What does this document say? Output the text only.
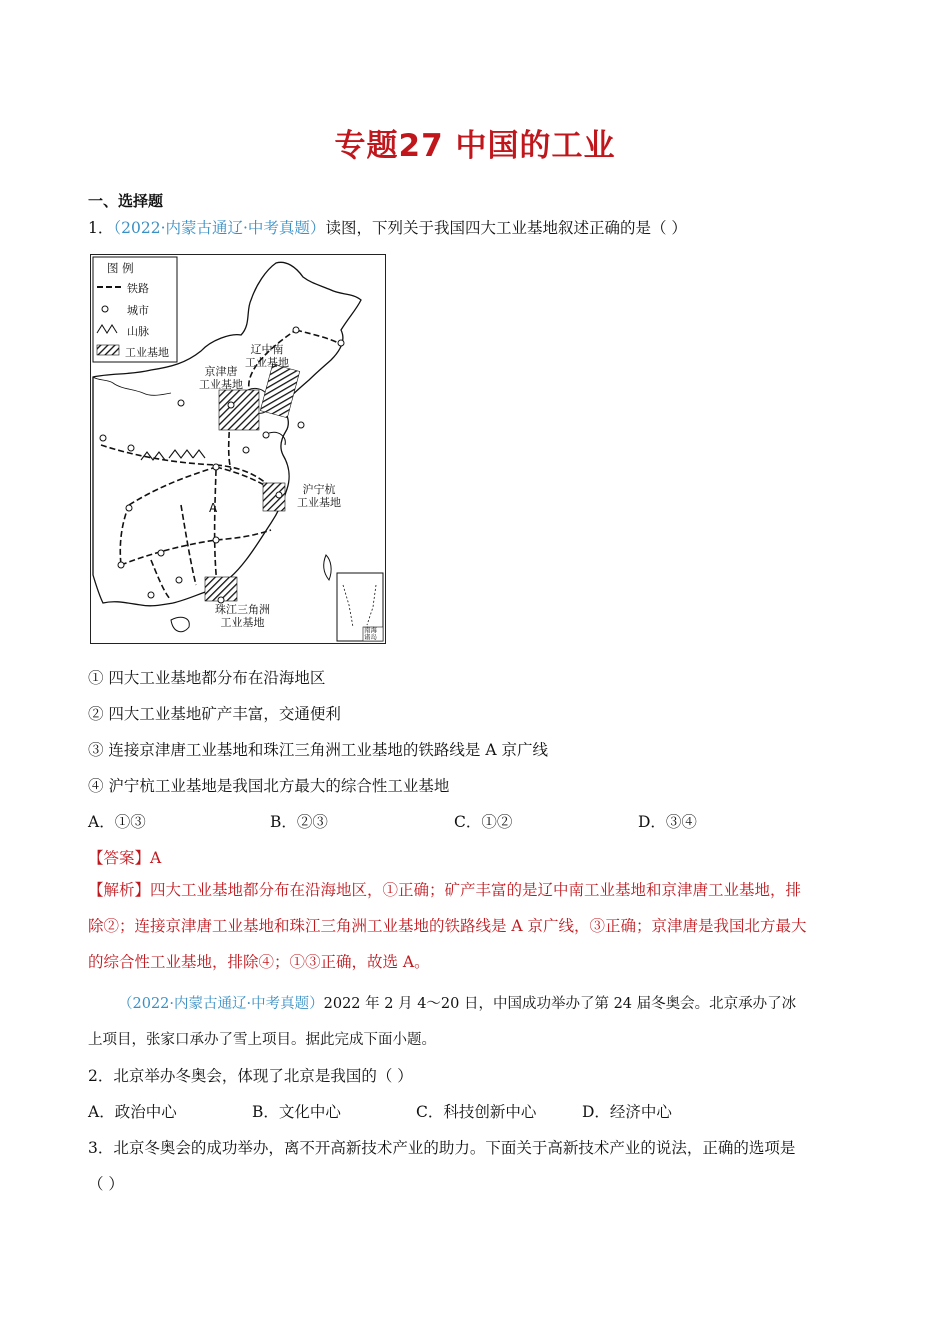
专题27 中国的工业
一、选择题
1．（2022·内蒙古通辽·中考真题）读图，下列关于我国四大工业基地叙述正确的是（ ）
图 例
铁路
城市
山脉
工业基地	辽中南
工业基地
京津唐
工业基地
沪宁杭
工业基地
珠江三角洲
工业基地
A
南海
诸岛
① 四大工业基地都分布在沿海地区
② 四大工业基地矿产丰富，交通便利
③ 连接京津唐工业基地和珠江三角洲工业基地的铁路线是 A 京广线
④ 沪宁杭工业基地是我国北方最大的综合性工业基地
A．①③	B．②③	C．①②	D．③④
【答案】A
【解析】四大工业基地都分布在沿海地区，①正确；矿产丰富的是辽中南工业基地和京津唐工业基地，排
除②；连接京津唐工业基地和珠江三角洲工业基地的铁路线是 A 京广线，③正确；京津唐是我国北方最大
的综合性工业基地，排除④；①③正确，故选 A。
（2022·内蒙古通辽·中考真题）2022 年 2 月 4～20 日，中国成功举办了第 24 届冬奥会。北京承办了冰
上项目，张家口承办了雪上项目。据此完成下面小题。
2．北京举办冬奥会，体现了北京是我国的（ ）
A．政治中心	B．文化中心	C．科技创新中心	D．经济中心
3．北京冬奥会的成功举办，离不开高新技术产业的助力。下面关于高新技术产业的说法，正确的选项是
（ ）
